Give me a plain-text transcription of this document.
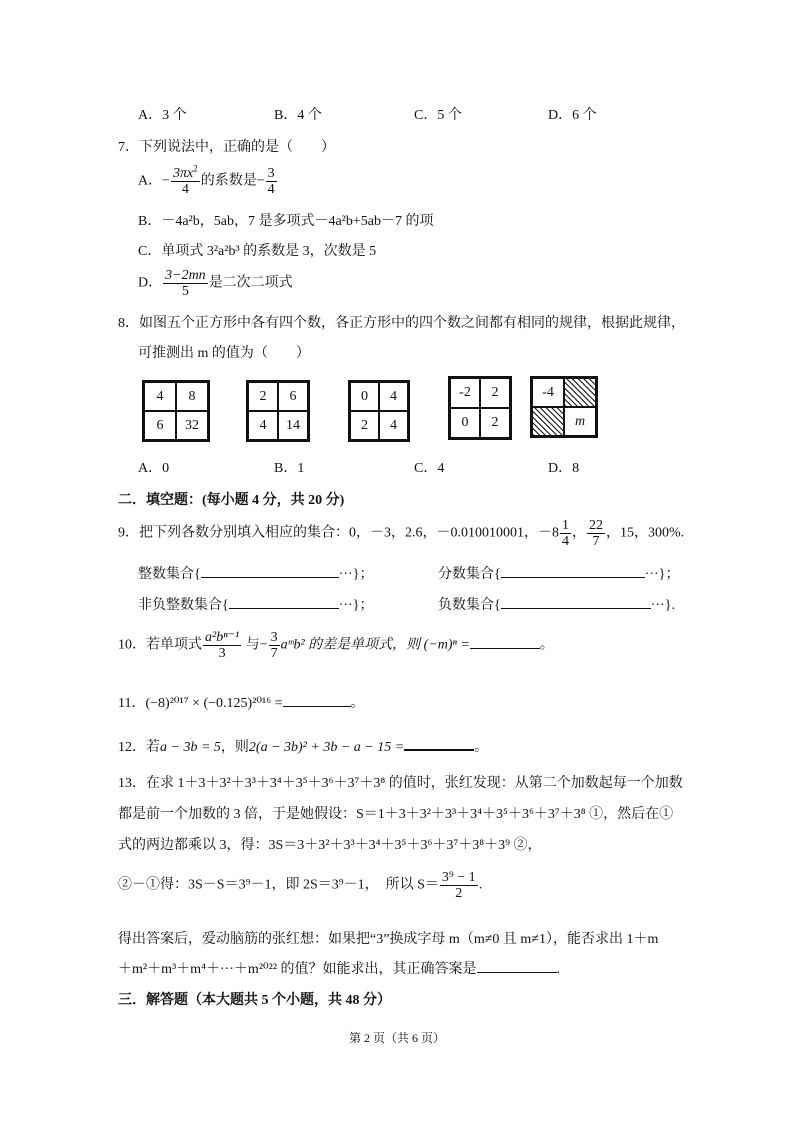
A．3 个	B．4 个	C．5 个	D．6 个
7．下列说法中，正确的是（　　）
A．− $\frac{3\pi x^2}{4}$ 的系数是− $\frac{3}{4}$
B．－4a²b，5ab，7 是多项式－4a²b+5ab－7 的项
C．单项式 3²a²b³ 的系数是 3，次数是 5
D． $\frac{3-2mn}{5}$ 是二次二项式
8．如图五个正方形中各有四个数，各正方形中的四个数之间都有相同的规律，根据此规律，
可推测出 m 的值为（　　）
4	8
6	32
2	6
4	14
0	4
2	4
-2	2
0	2
-4
m
A．0	B．1	C．4	D．8
二．填空题：(每小题 4 分，共 20 分)
9．把下列各数分别填入相应的集合：0，－3，2.6，－0.010010001，$-8 \frac{1}{4}$ ， $\frac{22}{7}$ ，15，300%.
整数集合{	···}；	分数集合{	···}；
非负整数集合{	···}；	负数集合{	···}.
10．若单项式 $\frac{\text{a²bⁿ⁻¹}}{3}$ 与− $\frac{3}{7}$ aᵐb² 的差是单项式，则 (−m)ⁿ =	。
11．(−8)²⁰¹⁷ × (−0.125)²⁰¹⁶ =	。
12．若a − 3b = 5，则2(a − 3b)² + 3b − a − 15 =	。
13．在求 1＋3＋3²＋3³＋3⁴＋3⁵＋3⁶＋3⁷＋3⁸ 的值时，张红发现：从第二个加数起每一个加数
都是前一个加数的 3 倍，于是她假设：S＝1＋3＋3²＋3³＋3⁴＋3⁵＋3⁶＋3⁷＋3⁸ ①，然后在①
式的两边都乘以 3，得：3S＝3＋3²＋3³＋3⁴＋3⁵＋3⁶＋3⁷＋3⁸＋3⁹ ②，
②－①得：3S－S＝3⁹－1，即 2S＝3⁹－1，　所以 $S= \frac{\text{3⁹ − 1}}{2}$ .
得出答案后，爱动脑筋的张红想：如果把“3”换成字母 m（m≠0 且 m≠1），能否求出 1＋m
＋m²＋m³＋m⁴＋···＋m²⁰²² 的值？如能求出，其正确答案是	.
三．解答题（本大题共 5 个小题，共 48 分）
第 2 页（共 6 页）
